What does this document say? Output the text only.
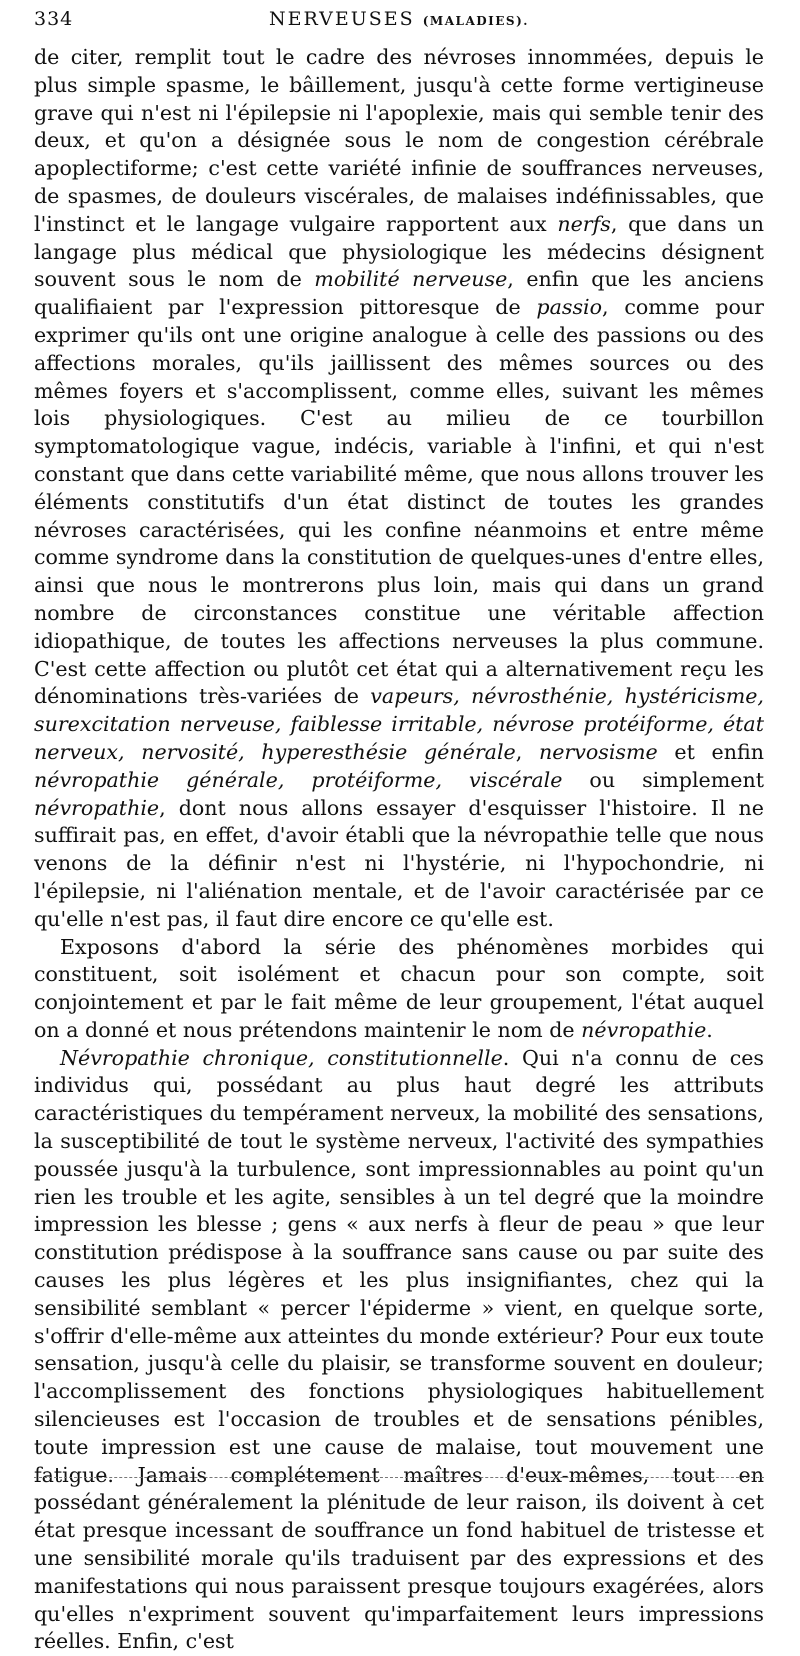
334	NERVEUSES (MALADIES).

de citer, remplit tout le cadre des névroses innommées, depuis le plus simple spasme, le bâillement, jusqu'à cette forme vertigineuse grave qui n'est ni l'épilepsie ni l'apoplexie, mais qui semble tenir des deux, et qu'on a désignée sous le nom de congestion cérébrale apoplectiforme; c'est cette variété infinie de souffrances nerveuses, de spasmes, de douleurs viscérales, de malaises indéfinissables, que l'instinct et le langage vulgaire rapportent aux nerfs, que dans un langage plus médical que physiologique les médecins désignent souvent sous le nom de mobilité nerveuse, enfin que les anciens qualifiaient par l'expression pittoresque de passio, comme pour exprimer qu'ils ont une origine analogue à celle des passions ou des affections morales, qu'ils jaillissent des mêmes sources ou des mêmes foyers et s'accomplissent, comme elles, suivant les mêmes lois physiologiques. C'est au milieu de ce tourbillon symptomatologique vague, indécis, variable à l'infini, et qui n'est constant que dans cette variabilité même, que nous allons trouver les éléments constitutifs d'un état distinct de toutes les grandes névroses caractérisées, qui les confine néanmoins et entre même comme syndrome dans la constitution de quelques-unes d'entre elles, ainsi que nous le montrerons plus loin, mais qui dans un grand nombre de circonstances constitue une véritable affection idiopathique, de toutes les affections nerveuses la plus commune. C'est cette affection ou plutôt cet état qui a alternativement reçu les dénominations très-variées de vapeurs, névrosthénie, hystéricisme, surexcitation nerveuse, faiblesse irritable, névrose protéiforme, état nerveux, nervosité, hyperesthésie générale, nervosisme et enfin névropathie générale, protéiforme, viscérale ou simplement névropathie, dont nous allons essayer d'esquisser l'histoire. Il ne suffirait pas, en effet, d'avoir établi que la névropathie telle que nous venons de la définir n'est ni l'hystérie, ni l'hypochondrie, ni l'épilepsie, ni l'aliénation mentale, et de l'avoir caractérisée par ce qu'elle n'est pas, il faut dire encore ce qu'elle est.

Exposons d'abord la série des phénomènes morbides qui constituent, soit isolément et chacun pour son compte, soit conjointement et par le fait même de leur groupement, l'état auquel on a donné et nous prétendons maintenir le nom de névropathie.

Névropathie chronique, constitutionnelle. Qui n'a connu de ces individus qui, possédant au plus haut degré les attributs caractéristiques du tempérament nerveux, la mobilité des sensations, la susceptibilité de tout le système nerveux, l'activité des sympathies poussée jusqu'à la turbulence, sont impressionnables au point qu'un rien les trouble et les agite, sensibles à un tel degré que la moindre impression les blesse ; gens « aux nerfs à fleur de peau » que leur constitution prédispose à la souffrance sans cause ou par suite des causes les plus légères et les plus insignifiantes, chez qui la sensibilité semblant « percer l'épiderme » vient, en quelque sorte, s'offrir d'elle-même aux atteintes du monde extérieur? Pour eux toute sensation, jusqu'à celle du plaisir, se transforme souvent en douleur; l'accomplissement des fonctions physiologiques habituellement silencieuses est l'occasion de troubles et de sensations pénibles, toute impression est une cause de malaise, tout mouvement une fatigue. Jamais complétement maîtres d'eux-mêmes, tout en possédant généralement la plénitude de leur raison, ils doivent à cet état presque incessant de souffrance un fond habituel de tristesse et une sensibilité morale qu'ils traduisent par des expressions et des manifestations qui nous paraissent presque toujours exagérées, alors qu'elles n'expriment souvent qu'imparfaitement leurs impressions réelles. Enfin, c'est
